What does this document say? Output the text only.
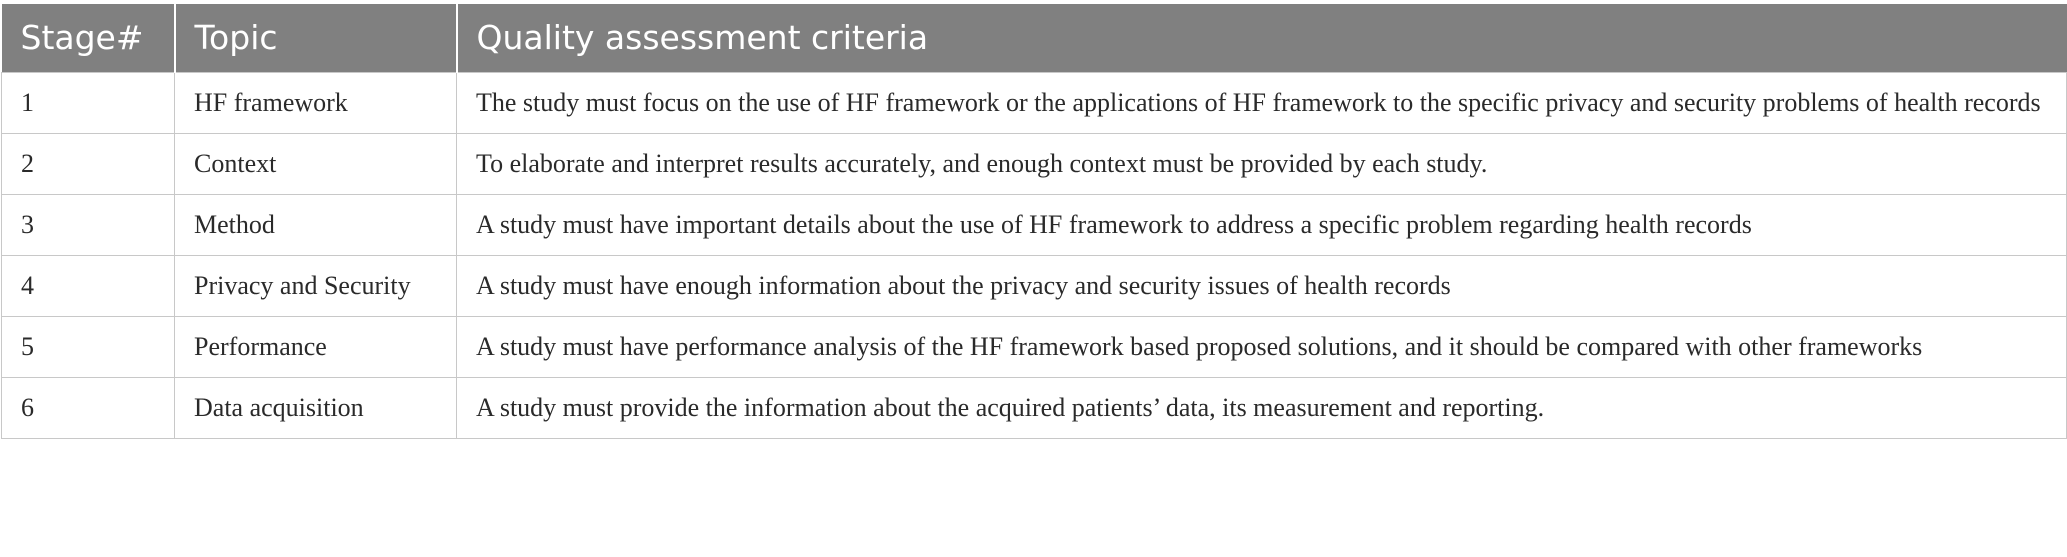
Stage#	Topic	Quality assessment criteria
1	HF framework	The study must focus on the use of HF framework or the applications of HF framework to the specific privacy and security problems of health records
2	Context	To elaborate and interpret results accurately, and enough context must be provided by each study.
3	Method	A study must have important details about the use of HF framework to address a specific problem regarding health records
4	Privacy and Security	A study must have enough information about the privacy and security issues of health records
5	Performance	A study must have performance analysis of the HF framework based proposed solutions, and it should be compared with other frameworks
6	Data acquisition	A study must provide the information about the acquired patients’ data, its measurement and reporting.
